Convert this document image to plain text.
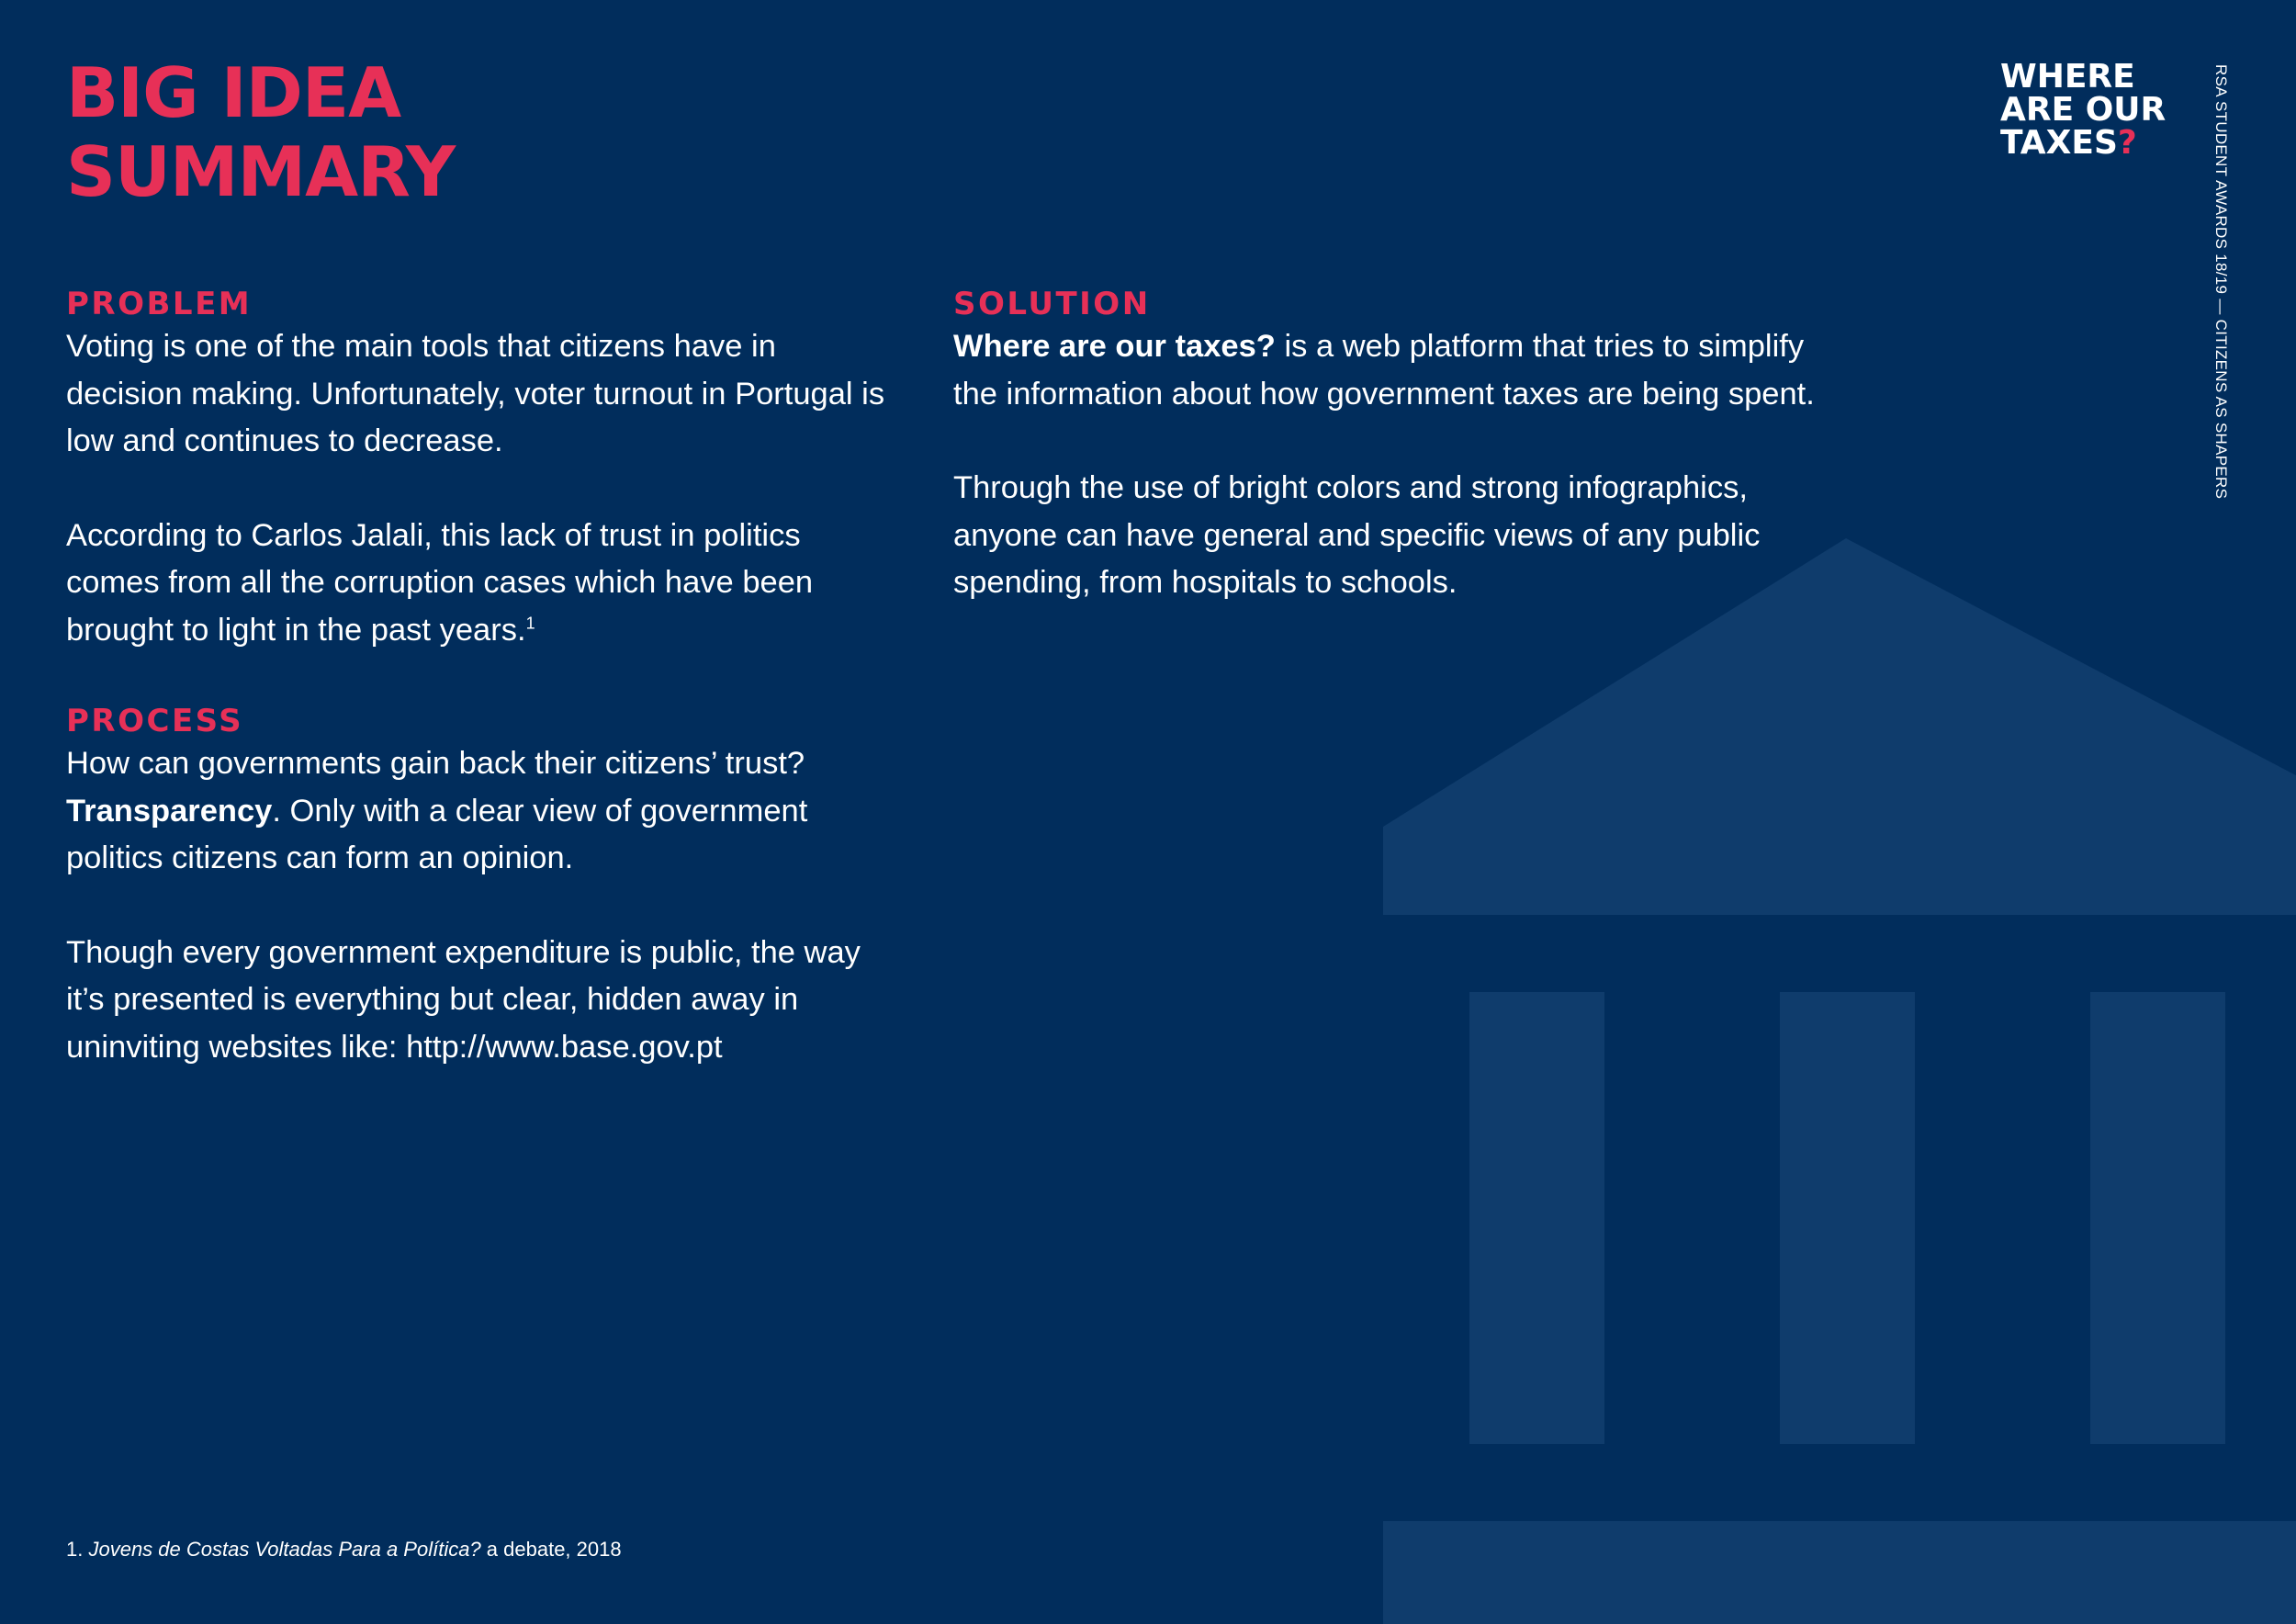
BIG IDEA
SUMMARY
WHERE
ARE OUR
TAXES?	RSA STUDENT AWARDS 18/19 — CITIZENS AS SHAPERS
PROBLEM

Voting is one of the main tools that citizens have in decision making. Unfortunately, voter turnout in Portugal is low and continues to decrease.

According to Carlos Jalali, this lack of trust in politics comes from all the corruption cases which have been brought to light in the past years.$^1$

PROCESS

How can governments gain back their citizens’ trust? Transparency. Only with a clear view of government politics citizens can form an opinion.

Though every government expenditure is public, the way it’s presented is everything but clear, hidden away in uninviting websites like: http://www.base.gov.pt

SOLUTION

Where are our taxes? is a web platform that tries to simplify the information about how government taxes are being spent.

Through the use of bright colors and strong infographics, anyone can have general and specific views of any public spending, from hospitals to schools.

1. Jovens de Costas Voltadas Para a Política? a debate, 2018
